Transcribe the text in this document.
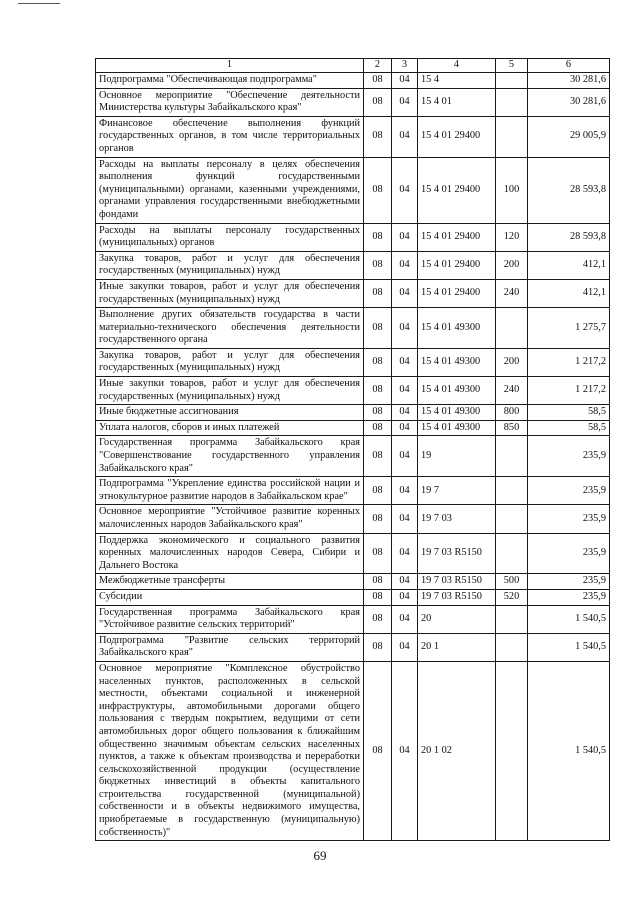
1	2	3	4	5	6
Подпрограмма "Обеспечивающая подпрограмма"	08	04	15 4		30 281,6
Основное мероприятие "Обеспечение деятельности Министерства культуры Забайкальского края"	08	04	15 4 01		30 281,6
Финансовое обеспечение выполнения функций государственных органов, в том числе территориальных органов	08	04	15 4 01 29400		29 005,9
Расходы на выплаты персоналу в целях обеспечения выполнения функций государственными (муниципальными) органами, казенными учреждениями, органами управления государственными внебюджетными фондами	08	04	15 4 01 29400	100	28 593,8
Расходы на выплаты персоналу государственных (муниципальных) органов	08	04	15 4 01 29400	120	28 593,8
Закупка товаров, работ и услуг для обеспечения государственных (муниципальных) нужд	08	04	15 4 01 29400	200	412,1
Иные закупки товаров, работ и услуг для обеспечения государственных (муниципальных) нужд	08	04	15 4 01 29400	240	412,1
Выполнение других обязательств государства в части материально-технического обеспечения деятельности государственного органа	08	04	15 4 01 49300		1 275,7
Закупка товаров, работ и услуг для обеспечения государственных (муниципальных) нужд	08	04	15 4 01 49300	200	1 217,2
Иные закупки товаров, работ и услуг для обеспечения государственных (муниципальных) нужд	08	04	15 4 01 49300	240	1 217,2
Иные бюджетные ассигнования	08	04	15 4 01 49300	800	58,5
Уплата налогов, сборов и иных платежей	08	04	15 4 01 49300	850	58,5
Государственная программа Забайкальского края "Совершенствование государственного управления Забайкальского края"	08	04	19		235,9
Подпрограмма "Укрепление единства российской нации и этнокультурное развитие народов в Забайкальском крае"	08	04	19 7		235,9
Основное мероприятие "Устойчивое развитие коренных малочисленных народов Забайкальского края"	08	04	19 7 03		235,9
Поддержка экономического и социального развития коренных малочисленных народов Севера, Сибири и Дальнего Востока	08	04	19 7 03 R5150		235,9
Межбюджетные трансферты	08	04	19 7 03 R5150	500	235,9
Субсидии	08	04	19 7 03 R5150	520	235,9
Государственная программа Забайкальского края "Устойчивое развитие сельских территорий"	08	04	20		1 540,5
Подпрограмма "Развитие сельских территорий Забайкальского края"	08	04	20 1		1 540,5
Основное мероприятие "Комплексное обустройство населенных пунктов, расположенных в сельской местности, объектами социальной и инженерной инфраструктуры, автомобильными дорогами общего пользования с твердым покрытием, ведущими от сети автомобильных дорог общего пользования к ближайшим общественно значимым объектам сельских населенных пунктов, а также к объектам производства и переработки сельскохозяйственной продукции (осуществление бюджетных инвестиций в объекты капитального строительства государственной (муниципальной) собственности и в объекты недвижимого имущества, приобретаемые в государственную (муниципальную) собственность)"	08	04	20 1 02		1 540,5
69
